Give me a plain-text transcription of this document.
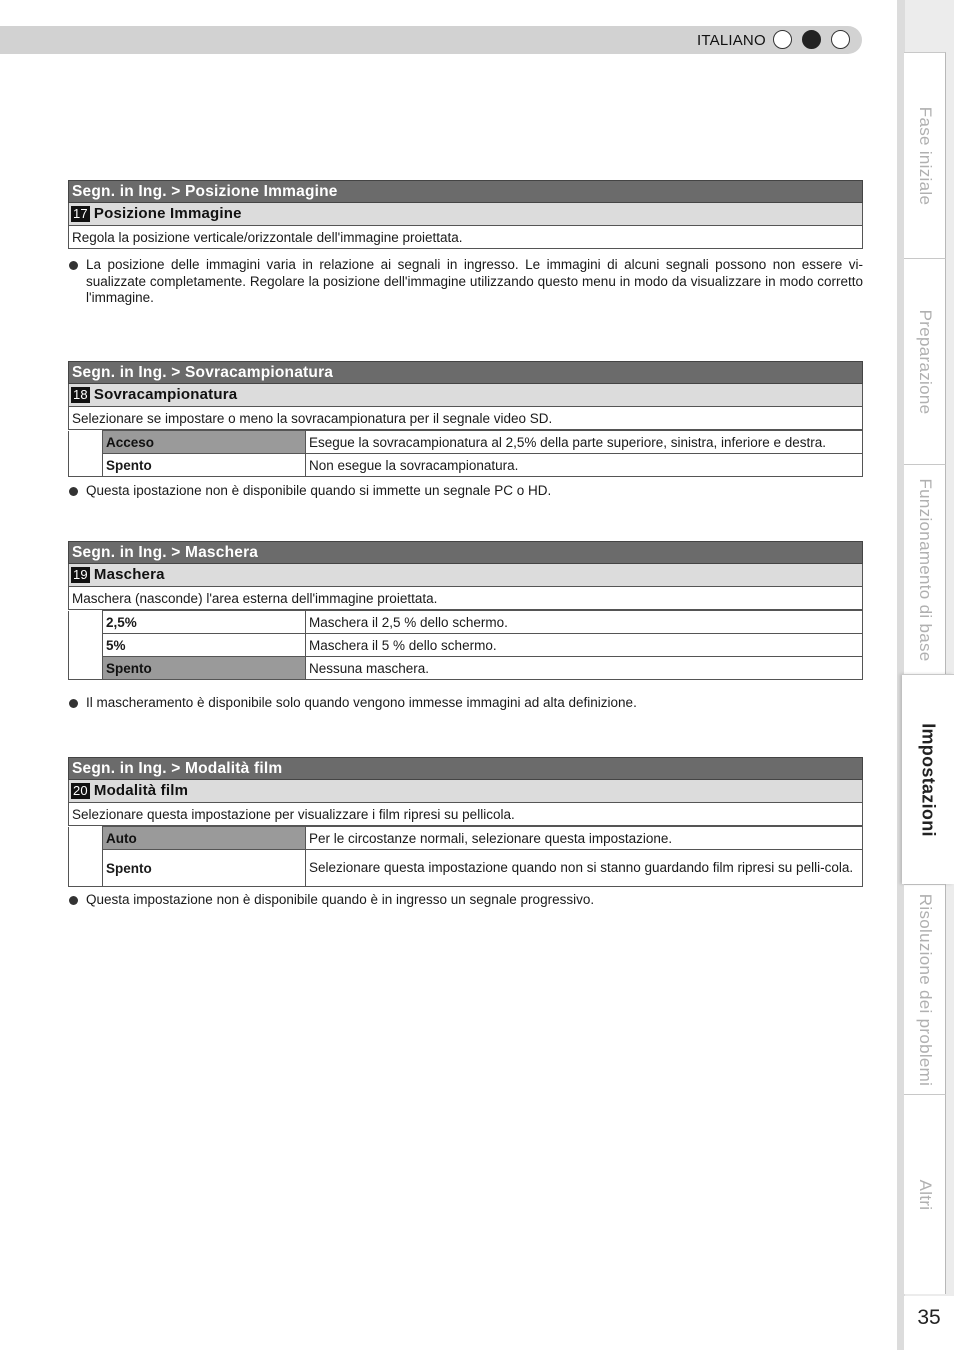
ITALIANO
Fase iniziale
Preparazione
Funzionamento di base
Risoluzione dei problemi
Altri
Impostazioni
35
Segn. in Ing. > Posizione Immagine
17 Posizione Immagine
Regola la posizione verticale/orizzontale dell'immagine proiettata.
La posizione delle immagini varia in relazione ai segnali in ingresso. Le immagini di alcuni segnali possono non essere vi-sualizzate completamente. Regolare la posizione dell'immagine utilizzando questo menu in modo da visualizzare in modo corretto l'immagine.
Segn. in Ing. > Sovracampionatura
18 Sovracampionatura
Selezionare se impostare o meno la sovracampionatura per il segnale video SD.
	Acceso	Esegue la sovracampionatura al 2,5% della parte superiore, sinistra, inferiore e destra.
	Spento	Non esegue la sovracampionatura.
Questa ipostazione non è disponibile quando si immette un segnale PC o HD.
Segn. in Ing. > Maschera
19 Maschera
Maschera (nasconde) l'area esterna dell'immagine proiettata.
	2,5%	Maschera il 2,5 % dello schermo.
	5%	Maschera il 5 % dello schermo.
	Spento	Nessuna maschera.
Il mascheramento è disponibile solo quando vengono immesse immagini ad alta definizione.
Segn. in Ing. > Modalità film
20 Modalità film
Selezionare questa impostazione per visualizzare i film ripresi su pellicola.
	Auto	Per le circostanze normali, selezionare questa impostazione.
	Spento	Selezionare questa impostazione quando non si stanno guardando film ripresi su pelli-cola.
Questa impostazione non è disponibile quando è in ingresso un segnale progressivo.
